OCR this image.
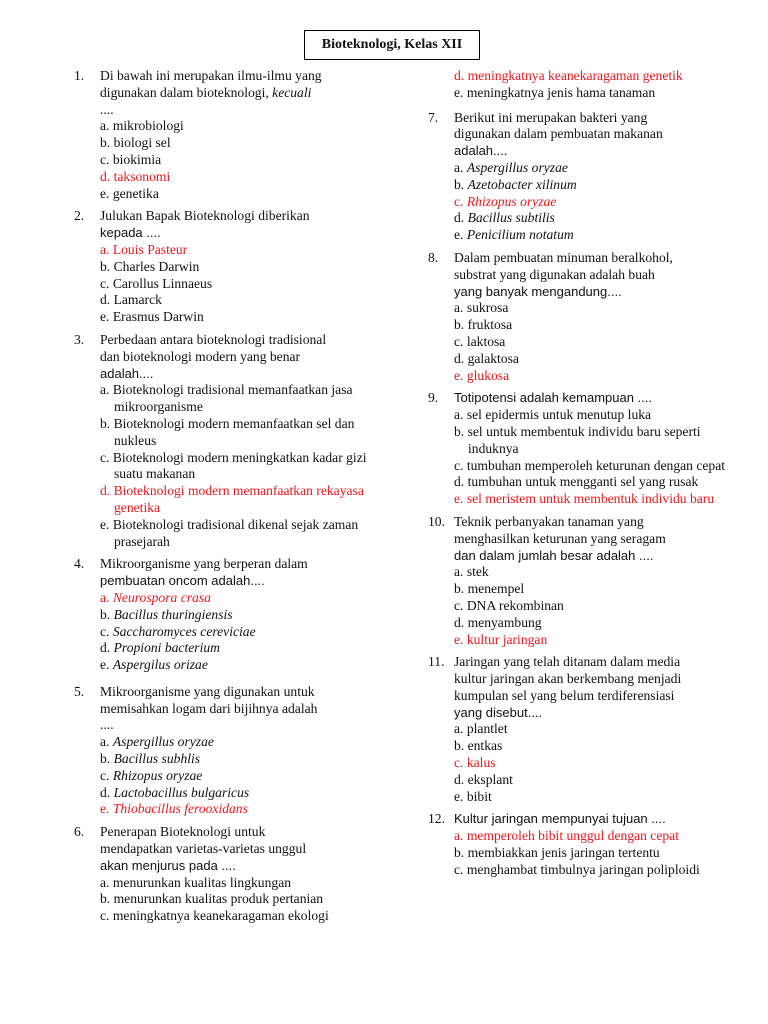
Bioteknologi, Kelas XII
1. Di bawah ini merupakan ilmu-ilmu yang
digunakan dalam bioteknologi, kecuali
....
a. mikrobiologi
b. biologi sel
c. biokimia
d. taksonomi
e. genetika
2. Julukan Bapak Bioteknologi diberikan
kepada ....
a. Louis Pasteur
b. Charles Darwin
c. Carollus Linnaeus
d. Lamarck
e. Erasmus Darwin
3. Perbedaan antara bioteknologi tradisional
dan bioteknologi modern yang benar
adalah....
a. Bioteknologi tradisional memanfaatkan jasa mikroorganisme
b. Bioteknologi modern memanfaatkan sel dan nukleus
c. Bioteknologi modern meningkatkan kadar gizi suatu makanan
d. Bioteknologi modern memanfaatkan rekayasa genetika
e. Bioteknologi tradisional dikenal sejak zaman prasejarah
4. Mikroorganisme yang berperan dalam
pembuatan oncom adalah....
a. Neurospora crasa
b. Bacillus thuringiensis
c. Saccharomyces cereviciae
d. Propioni bacterium
e. Aspergilus orizae
5. Mikroorganisme yang digunakan untuk
memisahkan logam dari bijihnya adalah
....
a. Aspergillus oryzae
b. Bacillus subhlis
c. Rhizopus oryzae
d. Lactobacillus bulgaricus
e. Thiobacillus ferooxidans
6. Penerapan Bioteknologi untuk
mendapatkan varietas-varietas unggul
akan menjurus pada ....
a. menurunkan kualitas lingkungan
b. menurunkan kualitas produk pertanian
c. meningkatnya keanekaragaman ekologi
d. meningkatnya keanekaragaman genetik
e. meningkatnya jenis hama tanaman
7. Berikut ini merupakan bakteri yang
digunakan dalam pembuatan makanan
adalah....
a. Aspergillus oryzae
b. Azetobacter xilinum
c. Rhizopus oryzae
d. Bacillus subtilis
e. Penicilium notatum
8. Dalam pembuatan minuman beralkohol,
substrat yang digunakan adalah buah
yang banyak mengandung....
a. sukrosa
b. fruktosa
c. laktosa
d. galaktosa
e. glukosa
9. Totipotensi adalah kemampuan ....
a. sel epidermis untuk menutup luka
b. sel untuk membentuk individu baru seperti induknya
c. tumbuhan memperoleh keturunan dengan cepat
d. tumbuhan untuk mengganti sel yang rusak
e. sel meristem untuk membentuk individu baru
10. Teknik perbanyakan tanaman yang
menghasilkan keturunan yang seragam
dan dalam jumlah besar adalah ....
a. stek
b. menempel
c. DNA rekombinan
d. menyambung
e. kultur jaringan
11. Jaringan yang telah ditanam dalam media
kultur jaringan akan berkembang menjadi
kumpulan sel yang belum terdiferensiasi
yang disebut....
a. plantlet
b. entkas
c. kalus
d. eksplant
e. bibit
12. Kultur jaringan mempunyai tujuan ....
a. memperoleh bibit unggul dengan cepat
b. membiakkan jenis jaringan tertentu
c. menghambat timbulnya jaringan poliploidi
